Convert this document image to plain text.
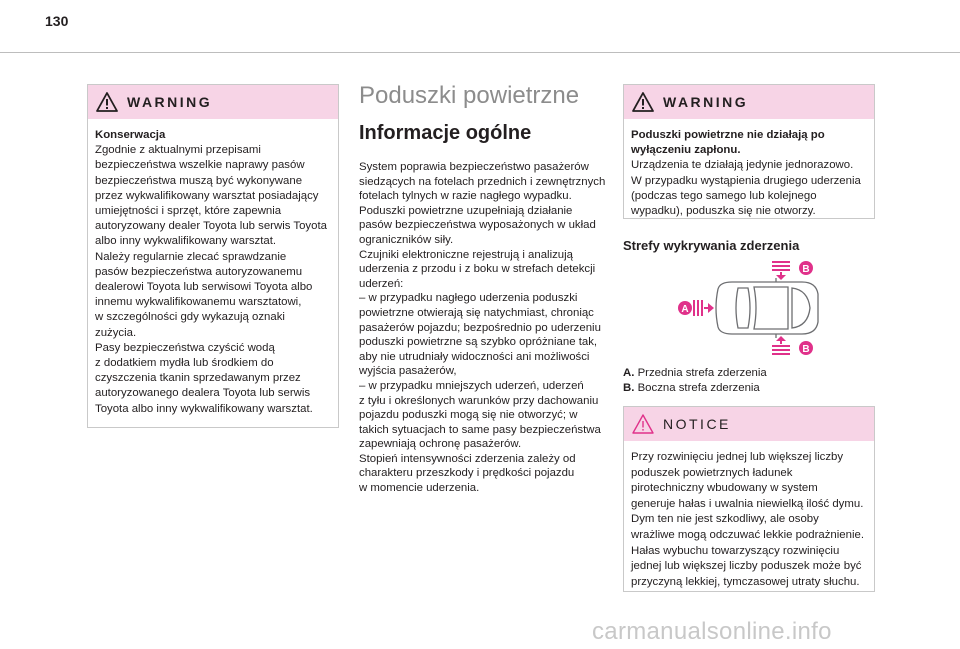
130
WARNING

Konserwacja

Zgodnie z aktualnymi przepisami

bezpieczeństwa wszelkie naprawy pasów

bezpieczeństwa muszą być wykonywane

przez wykwalifikowany warsztat posiadający

umiejętności i sprzęt, które zapewnia

autoryzowany dealer Toyota lub serwis Toyota

albo inny wykwalifikowany warsztat.

Należy regularnie zlecać sprawdzanie

pasów bezpieczeństwa autoryzowanemu

dealerowi Toyota lub serwisowi Toyota albo

innemu wykwalifikowanemu warsztatowi,

w szczególności gdy wykazują oznaki

zużycia.

Pasy bezpieczeństwa czyścić wodą

z dodatkiem mydła lub środkiem do

czyszczenia tkanin sprzedawanym przez

autoryzowanego dealera Toyota lub serwis

Toyota albo inny wykwalifikowany warsztat.

Poduszki powietrzne
Informacje ogólne

System poprawia bezpieczeństwo pasażerów

siedzących na fotelach przednich i zewnętrznych

fotelach tylnych w razie nagłego wypadku.

Poduszki powietrzne uzupełniają działanie

pasów bezpieczeństwa wyposażonych w układ

ograniczników siły.

Czujniki elektroniczne rejestrują i analizują

uderzenia z przodu i z boku w strefach detekcji

uderzeń:

– w przypadku nagłego uderzenia poduszki

powietrzne otwierają się natychmiast, chroniąc

pasażerów pojazdu; bezpośrednio po uderzeniu

poduszki powietrzne są szybko opróżniane tak,

aby nie utrudniały widoczności ani możliwości

wyjścia pasażerów,

– w przypadku mniejszych uderzeń, uderzeń

z tyłu i określonych warunków przy dachowaniu

pojazdu poduszki mogą się nie otworzyć; w

takich sytuacjach to same pasy bezpieczeństwa

zapewniają ochronę pasażerów.

Stopień intensywności zderzenia zależy od

charakteru przeszkody i prędkości pojazdu

w momencie uderzenia.

WARNING

Poduszki powietrzne nie działają po

wyłączeniu zapłonu.

Urządzenia te działają jedynie jednorazowo.

W przypadku wystąpienia drugiego uderzenia

(podczas tego samego lub kolejnego

wypadku), poduszka się nie otworzy.

Strefy wykrywania zderzenia
B
B
A

A. Przednia strefa zderzenia

B. Boczna strefa zderzenia

NOTICE

Przy rozwinięciu jednej lub większej liczby

poduszek powietrznych ładunek

pirotechniczny wbudowany w system

generuje hałas i uwalnia niewielką ilość dymu.

Dym ten nie jest szkodliwy, ale osoby

wrażliwe mogą odczuwać lekkie podrażnienie.

Hałas wybuchu towarzyszący rozwinięciu

jednej lub większej liczby poduszek może być

przyczyną lekkiej, tymczasowej utraty słuchu.

carmanualsonline.info
